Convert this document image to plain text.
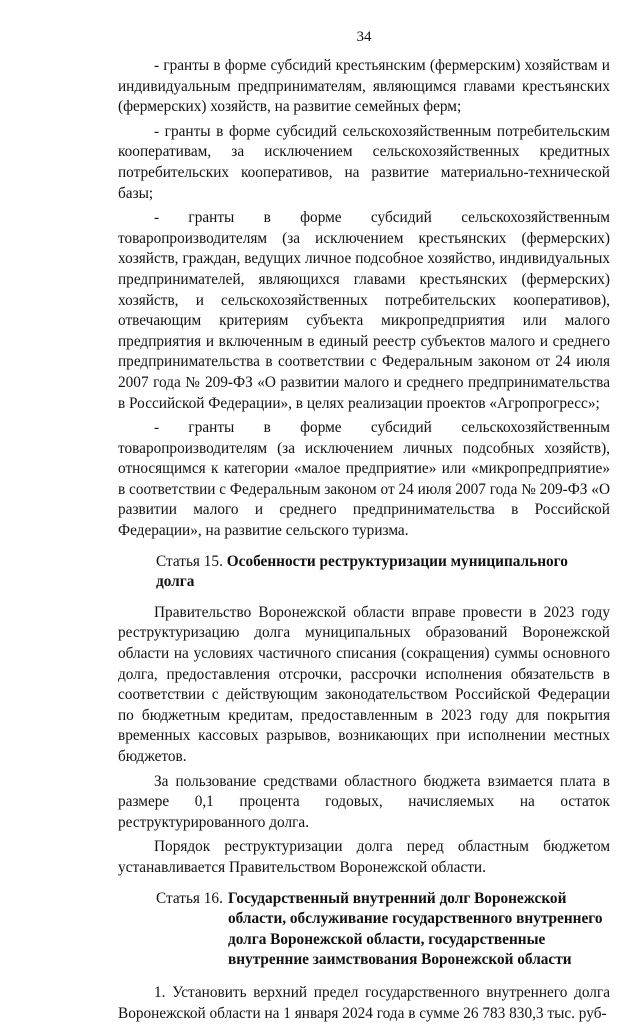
34

- гранты в форме субсидий крестьянским (фермерским) хозяйствам и индивидуальным предпринимателям, являющимся главами крестьянских (фермерских) хозяйств, на развитие семейных ферм;

- гранты в форме субсидий сельскохозяйственным потребительским кооперативам, за исключением сельскохозяйственных кредитных потребительских кооперативов, на развитие материально-технической базы;

- гранты в форме субсидий сельскохозяйственным товаропроизводителям (за исключением крестьянских (фермерских) хозяйств, граждан, ведущих личное подсобное хозяйство, индивидуальных предпринимателей, являющихся главами крестьянских (фермерских) хозяйств, и сельскохозяйственных потребительских кооперативов), отвечающим критериям субъекта микропредприятия или малого предприятия и включенным в единый реестр субъектов малого и среднего предпринимательства в соответствии с Федеральным законом от 24 июля 2007 года № 209-ФЗ «О развитии малого и среднего предпринимательства в Российской Федерации», в целях реализации проектов «Агропрогресс»;

- гранты в форме субсидий сельскохозяйственным товаропроизводителям (за исключением личных подсобных хозяйств), относящимся к категории «малое предприятие» или «микропредприятие» в соответствии с Федеральным законом от 24 июля 2007 года № 209-ФЗ «О развитии малого и среднего предпринимательства в Российской Федерации», на развитие сельского туризма.

Статья 15. Особенности реструктуризации муниципального долга

Правительство Воронежской области вправе провести в 2023 году реструктуризацию долга муниципальных образований Воронежской области на условиях частичного списания (сокращения) суммы основного долга, предоставления отсрочки, рассрочки исполнения обязательств в соответствии с действующим законодательством Российской Федерации по бюджетным кредитам, предоставленным в 2023 году для покрытия временных кассовых разрывов, возникающих при исполнении местных бюджетов.

За пользование средствами областного бюджета взимается плата в размере 0,1 процента годовых, начисляемых на остаток реструктурированного долга.

Порядок реструктуризации долга перед областным бюджетом устанавливается Правительством Воронежской области.

Статья 16. Государственный внутренний долг Воронежской области, обслуживание государственного внутреннего долга Воронежской области, государственные внутренние заимствования Воронежской области

1. Установить верхний предел государственного внутреннего долга Воронежской области на 1 января 2024 года в сумме 26 783 830,3 тыс. руб-
